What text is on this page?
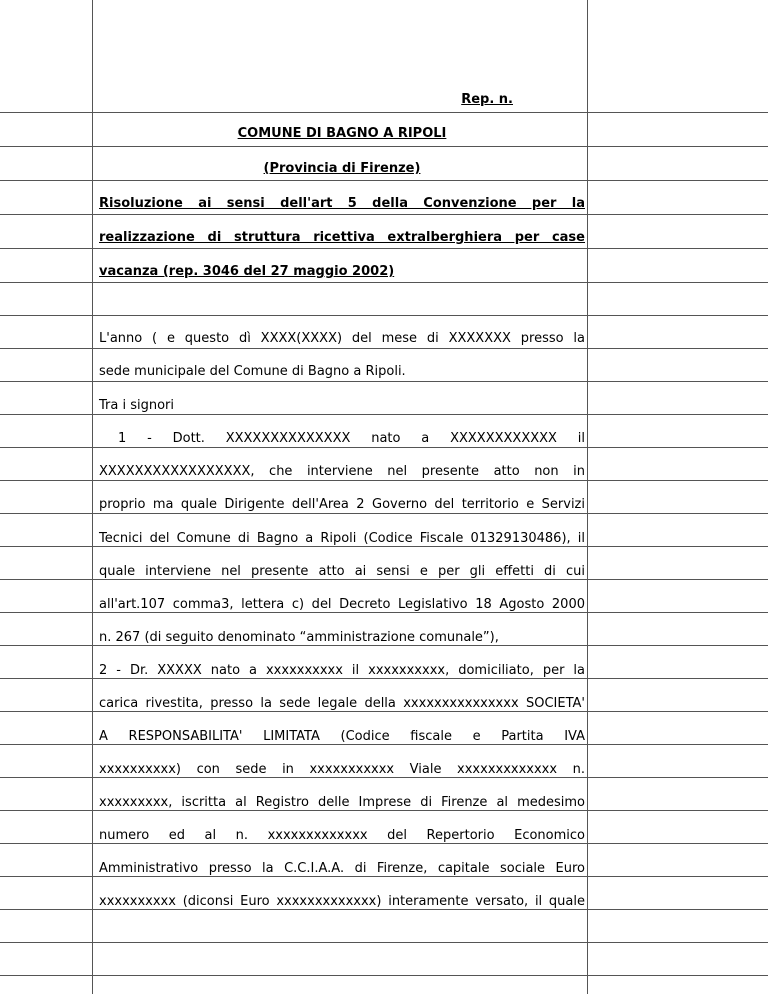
Rep. n.
COMUNE DI BAGNO A RIPOLI
(Provincia di Firenze)
Risoluzione ai sensi dell'art 5 della Convenzione per la
realizzazione di struttura ricettiva extralberghiera per case
vacanza (rep. 3046 del 27 maggio 2002)
L'anno ( e questo dì XXXX(XXXX) del mese di XXXXXXX presso la
sede municipale del Comune di Bagno a Ripoli.
Tra i signori
1 - Dott. XXXXXXXXXXXXXX nato a XXXXXXXXXXXX il
XXXXXXXXXXXXXXXXX, che interviene nel presente atto non in
proprio ma quale Dirigente dell'Area 2 Governo del territorio e Servizi
Tecnici del Comune di Bagno a Ripoli (Codice Fiscale 01329130486), il
quale interviene nel presente atto ai sensi e per gli effetti di cui
all'art.107 comma3, lettera c) del Decreto Legislativo 18 Agosto 2000
n. 267 (di seguito denominato “amministrazione comunale”),
2 - Dr. XXXXX nato a xxxxxxxxxx il xxxxxxxxxx, domiciliato, per la
carica rivestita, presso la sede legale della xxxxxxxxxxxxxxx SOCIETA'
A RESPONSABILITA' LIMITATA (Codice fiscale e Partita IVA
xxxxxxxxxx) con sede in xxxxxxxxxxx Viale xxxxxxxxxxxxx n.
xxxxxxxxx, iscritta al Registro delle Imprese di Firenze al medesimo
numero ed al n. xxxxxxxxxxxxx del Repertorio Economico
Amministrativo presso la C.C.I.A.A. di Firenze, capitale sociale Euro
xxxxxxxxxx (diconsi Euro xxxxxxxxxxxxx) interamente versato, il quale
